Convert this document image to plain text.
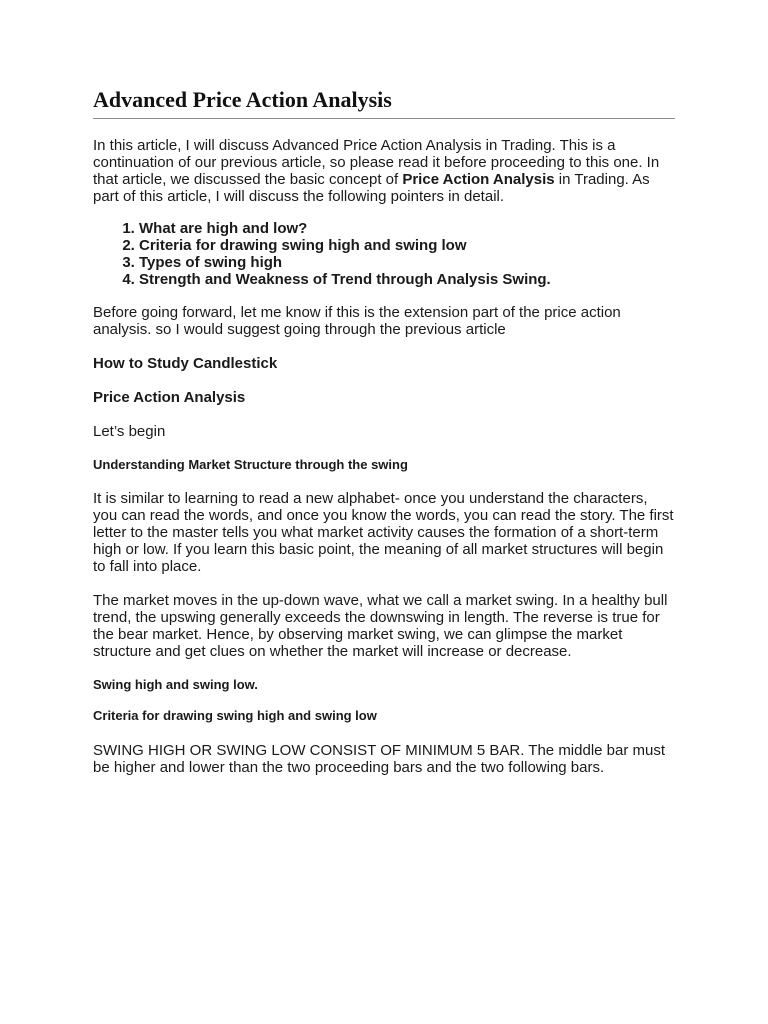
Advanced Price Action Analysis

In this article, I will discuss Advanced Price Action Analysis in Trading. This is a continuation of our previous article, so please read it before proceeding to this one. In that article, we discussed the basic concept of Price Action Analysis in Trading. As part of this article, I will discuss the following pointers in detail.

1. What are high and low?
2. Criteria for drawing swing high and swing low
3. Types of swing high
4. Strength and Weakness of Trend through Analysis Swing.

Before going forward, let me know if this is the extension part of the price action analysis. so I would suggest going through the previous article

How to Study Candlestick

Price Action Analysis

Let’s begin

Understanding Market Structure through the swing

It is similar to learning to read a new alphabet- once you understand the characters, you can read the words, and once you know the words, you can read the story. The first letter to the master tells you what market activity causes the formation of a short-term high or low. If you learn this basic point, the meaning of all market structures will begin to fall into place.

The market moves in the up-down wave, what we call a market swing. In a healthy bull trend, the upswing generally exceeds the downswing in length. The reverse is true for the bear market. Hence, by observing market swing, we can glimpse the market structure and get clues on whether the market will increase or decrease.

Swing high and swing low.
Criteria for drawing swing high and swing low

SWING HIGH OR SWING LOW CONSIST OF MINIMUM 5 BAR. The middle bar must be higher and lower than the two proceeding bars and the two following bars.
